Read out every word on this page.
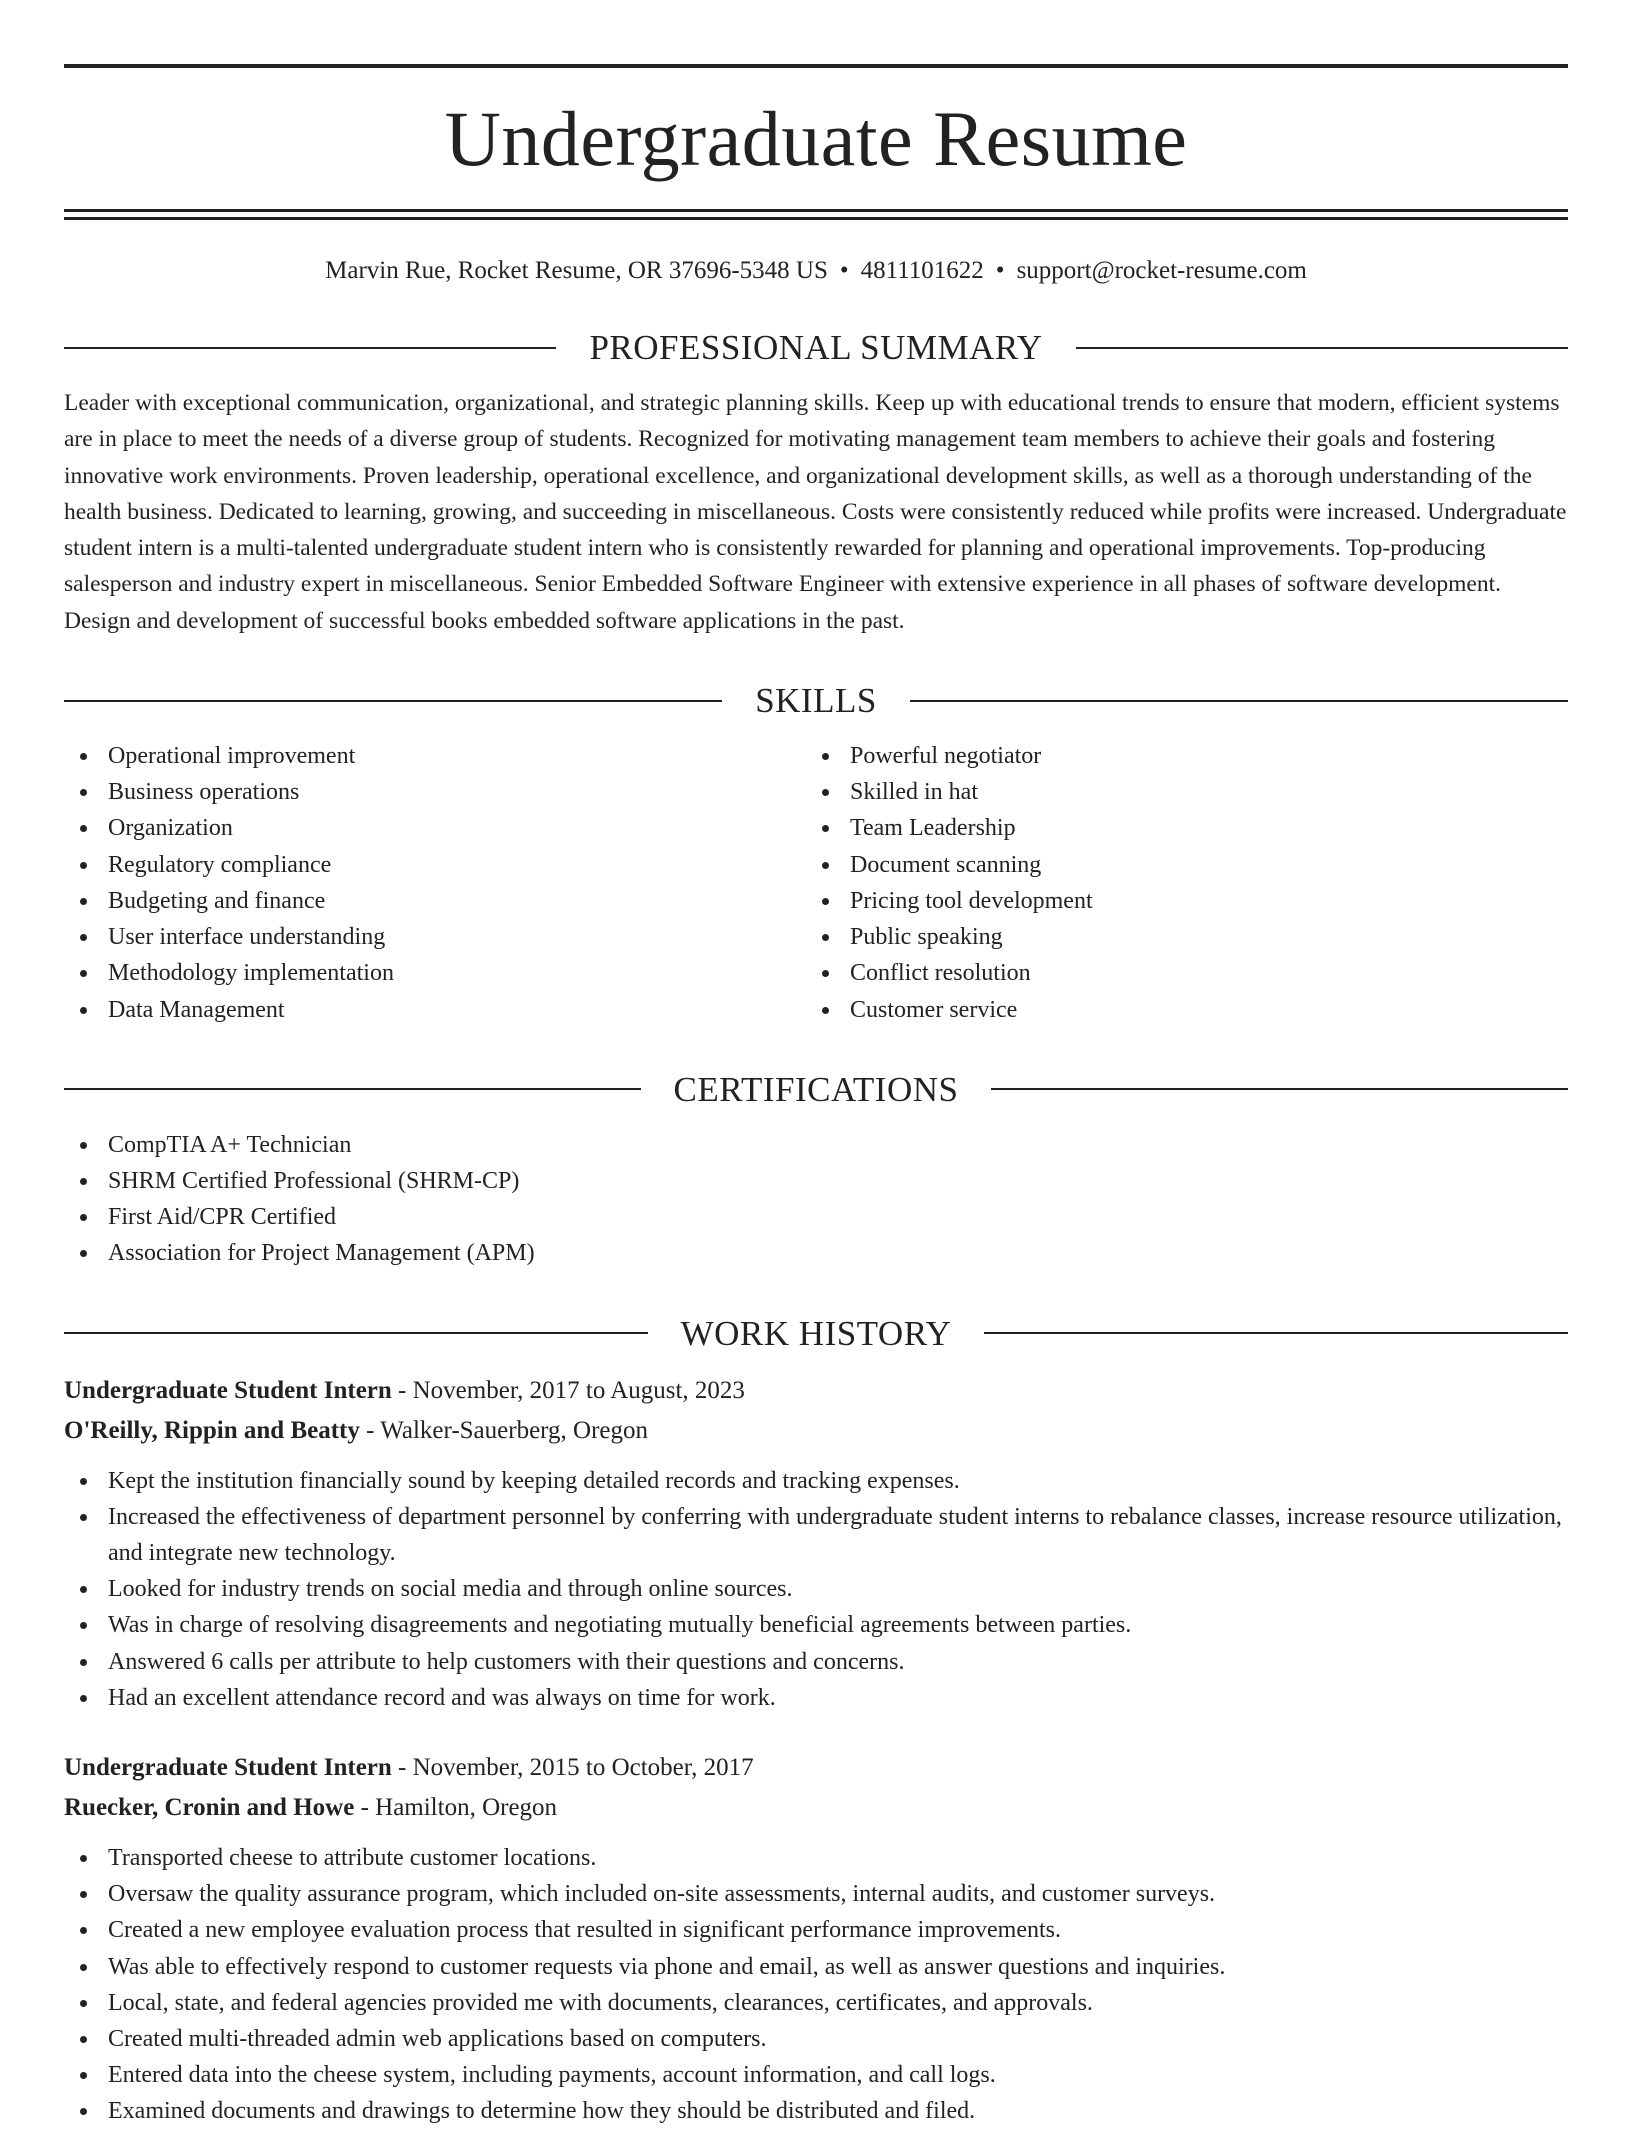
Undergraduate Resume
Marvin Rue, Rocket Resume, OR 37696-5348 US • 4811101622 • support@rocket-resume.com
PROFESSIONAL SUMMARY

Leader with exceptional communication, organizational, and strategic planning skills. Keep up with educational trends to ensure that modern, efficient systems are in place to meet the needs of a diverse group of students. Recognized for motivating management team members to achieve their goals and fostering innovative work environments. Proven leadership, operational excellence, and organizational development skills, as well as a thorough understanding of the health business. Dedicated to learning, growing, and succeeding in miscellaneous. Costs were consistently reduced while profits were increased. Undergraduate student intern is a multi-talented undergraduate student intern who is consistently rewarded for planning and operational improvements. Top-producing salesperson and industry expert in miscellaneous. Senior Embedded Software Engineer with extensive experience in all phases of software development. Design and development of successful books embedded software applications in the past.

SKILLS
Operational improvement
Business operations
Organization
Regulatory compliance
Budgeting and finance
User interface understanding
Methodology implementation
Data Management
Powerful negotiator
Skilled in hat
Team Leadership
Document scanning
Pricing tool development
Public speaking
Conflict resolution
Customer service
CERTIFICATIONS
CompTIA A+ Technician
SHRM Certified Professional (SHRM-CP)
First Aid/CPR Certified
Association for Project Management (APM)
WORK HISTORY
Undergraduate Student Intern - November, 2017 to August, 2023
O'Reilly, Rippin and Beatty - Walker-Sauerberg, Oregon
Kept the institution financially sound by keeping detailed records and tracking expenses.
Increased the effectiveness of department personnel by conferring with undergraduate student interns to rebalance classes, increase resource utilization, and integrate new technology.
Looked for industry trends on social media and through online sources.
Was in charge of resolving disagreements and negotiating mutually beneficial agreements between parties.
Answered 6 calls per attribute to help customers with their questions and concerns.
Had an excellent attendance record and was always on time for work.
Undergraduate Student Intern - November, 2015 to October, 2017
Ruecker, Cronin and Howe - Hamilton, Oregon
Transported cheese to attribute customer locations.
Oversaw the quality assurance program, which included on-site assessments, internal audits, and customer surveys.
Created a new employee evaluation process that resulted in significant performance improvements.
Was able to effectively respond to customer requests via phone and email, as well as answer questions and inquiries.
Local, state, and federal agencies provided me with documents, clearances, certificates, and approvals.
Created multi-threaded admin web applications based on computers.
Entered data into the cheese system, including payments, account information, and call logs.
Examined documents and drawings to determine how they should be distributed and filed.
